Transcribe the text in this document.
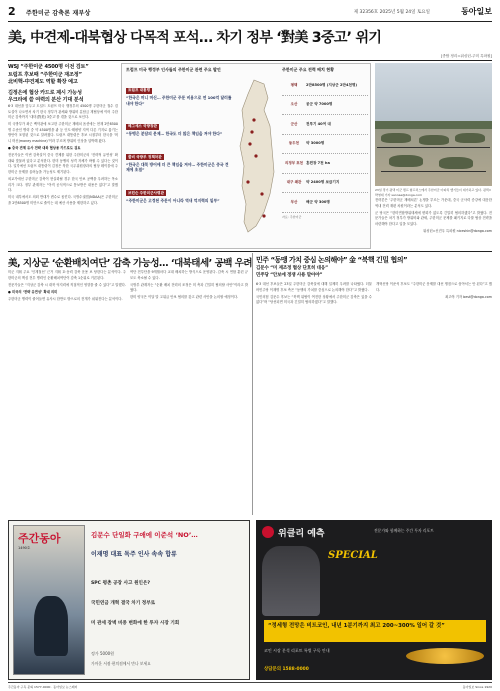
2 주한미군 감축론 재부상	제 32356호 2025년 5월 24일 토요일	동아일보
美, 中견제-대북협상 다목적 포석… 차기 정부 ‘對美 3중고’ 위기
[종합 정리=워싱턴-주미 특파원]
WSJ “주한미군 4500명 이전 검토”
트럼프 후보때 “주한미군 재조정”
北비핵-中견제도 역할 확장 예고
김정은에 협상 카드로 제시 가능성
우크라에 쓸 여력의 분산 기대 분석

6·3 대선을 앞두고 도널드 트럼프 미국 행정부의 4500명 주한미군 철수 검토설이 나오면서 차기 한국 정부가 관세와 방위비 분담금 재협상에 이어 주한미군 감축까지 ‘대미(對美) 3중고’를 겪을 것으로 보인다.

미 국방부가 최근 백악관에 보고한 주한미군 재배치 옵션에는 현재 2만8500명 수준인 병력 중 약 4500명을 괌 등 인도·태평양 지역 다른 기지로 옮기는 방안이 포함된 것으로 알려졌다. 트럼프 대통령은 후보 시절부터 한국을 ‘머니 머신(money machine)’이라 부르며 방위비 인상을 압박해 왔다.

● 중국 견제 유사 전략 대북 협상용 카드로도 검토

전문가들은 이번 감축설이 중국 견제를 위한 주한미군의 ‘전략적 유연성’ 확대와 맞물려 있다고 분석한다. 한미 동맹의 성격 자체가 바뀔 수 있다는 것이다. 일각에선 트럼프 대통령이 김정은 북한 국무위원장과의 협상 테이블에 주한미군 문제를 올려놓을 가능성도 제기된다.

외교가에선 주한미군 감축이 현실화될 경우 한국 안보 공백을 우려하는 목소리가 크다. 정부 관계자는 “아직 공식적으로 통보받은 내용은 없다”고 말했다.

미국 내부에서도 의회 반대가 변수로 꼽힌다. 국방수권법(NDAA)은 주한미군을 2만8500명 미만으로 줄이는 데 예산 사용을 제한하고 있다.

트럼프 미국 행정부 인사들의 주한미군 관련 주요 발언	주한미군 주요 전력 배치 현황
트럼프 대통령
“한국은 머니 머신… 주한미군 주둔 비용으로 연 100억 달러를 내야 한다”
헤그세스 국방장관
“동맹은 분담의 문제… 한국도 더 많은 책임을 져야 한다”
콜비 국방부 정책차관
“한국은 대북 방어에 더 큰 책임을 져야… 주한미군은 중국 견제에 초점”
브런슨 주한미군사령관
“주한미군은 고정된 주둔이 아니라 역내 억지력의 일부”
평택	2만8500명 (지상군 2만4천명)
오산	공군 약 7000명
군산	전투기 40여 대
동두천	약 3000명
의정부 포천 훈련장 7천 ha
대구 왜관	약 2400명 보급기지
부산	해군 약 300명
자료: 주한미군
23일 경기 평택 미군 캠프 험프리스에서 주한미군 아파치 헬기들이 대기하고 있다. 평택=박영대 기자 sannae@donga.com

전략론은 ‘주한미군 재배치론’ 논쟁을 부르는 가운데, 중국 군사력 증강에 대응한 역내 전력 재편 차원이라는 분석도 있다.

군 당국은 “한미연합방위태세에 변화가 없도록 긴밀히 협의하겠다”고 밝혔다. 전문가들은 차기 정부가 방위비와 관세, 주한미군 문제를 패키지로 다룰 협상 전략을 마련해야 한다고 입을 모았다.

워싱턴=신진우 특파원 niceshin@donga.com

美, 지상군 ‘순환배치여단’ 감축 가능성… ‘대북태세’ 공백 우려

미군 지휘 주요 ‘인계철선’ 근거 지휘 호·동력 감축 운용 보 당한다는 분석이다. 주한미군의 핵심 전투 병력인 순환배치여단이 감축 1순위로 거론된다.

전문가들은 “지상군 감축 시 대북 억지력에 직접적인 영향을 줄 수 있다”고 말했다.

● 미국의 ‘전략 유연성’ 확대 의미

주한미군 병력이 줄어들면 유사시 한반도 밖으로의 전개가 쉬워진다는 분석이다.

여단 전투단을 9개월마다 교대 배치하는 방식으로 운영된다. 감축 시 연합 훈련 규모도 축소될 수 있다.

국방부 관계자는 “순환 배치 전력의 조정은 미 측과 긴밀히 협의할 사안”이라고 밝혔다.

한미 양국은 이달 말 고위급 안보 협의를 갖고 관련 사안을 논의할 예정이다.

민주 “동맹 가치 중심 논의해야” 金 “북핵 긴밀 협의”
김문수 “미 재조정 협상 단호히 대응”
민주당 “안보에 정쟁 사용 말아야”

6·3 대선 후보들은 23일 주한미군 감축설에 대해 일제히 우려를 나타냈다. 더불어민주당 이재명 후보 측은 “동맹의 가치를 중심으로 논의해야 한다”고 밝혔다.

국민의힘 김문수 후보는 “북핵 위협이 여전한 상황에서 주한미군 감축은 있을 수 없다”며 “당선되면 미국과 긴밀히 협의하겠다”고 말했다.

개혁신당 이준석 후보도 “주한미군 문제를 대선 쟁점으로 삼아서는 안 된다”고 했다.

최고야 기자 best@donga.com

주간동아
1490호
김문수 단일화 구애에 이준석 ‘NO’…
이재명 대표 독주 인사 속속 합류
SPC 평촌 공장 사고 원인은?
국민연금 개혁 결국 차기 정부로
미 관세 장벽 비중 변화에 한 투자 시장 기회
정가 5000원
가까운 서점·편의점에서 만나 보세요
위클리 예측	전문가와 함께하는 주간 투자 리포트
SPECIAL
“정세형 전망은 비트코인, 내년 1분기까지 최고 200~300% 일어 갈 것”
코인 시장 분석 리포트 특별 구독 안내
상담문의 1588-0000
주간동아 구독 문의 1577-0000 · 동아일보 뉴스레터	동아일보 Since 1920
